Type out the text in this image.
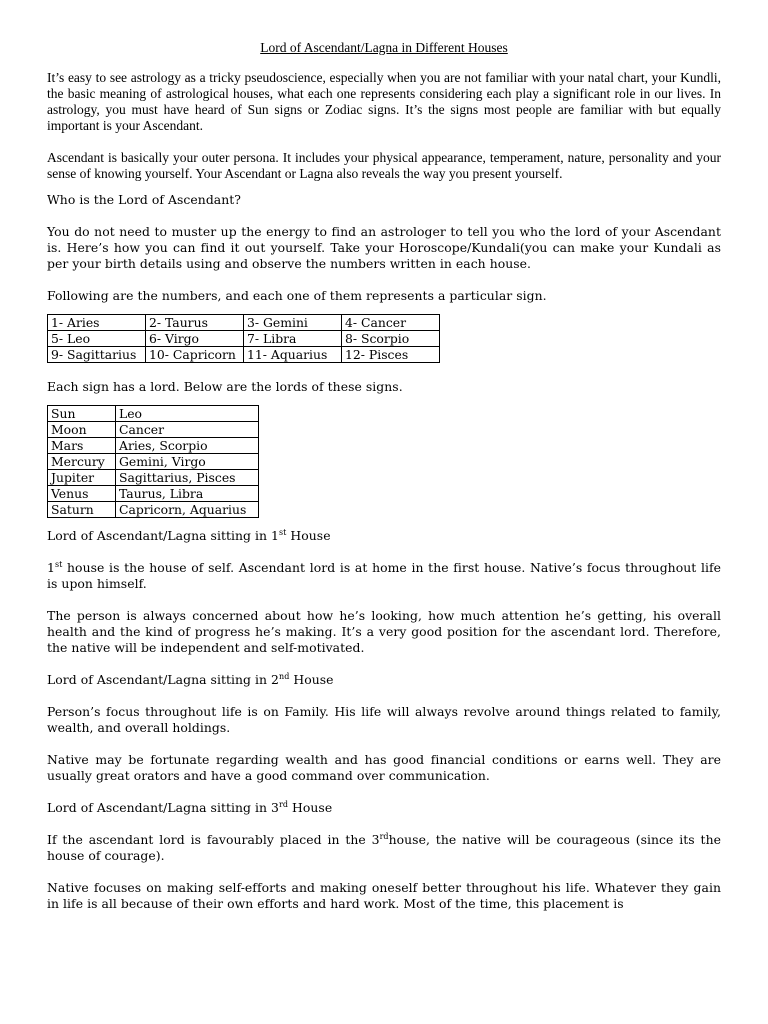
Lord of Ascendant/Lagna in Different Houses

It’s easy to see astrology as a tricky pseudoscience, especially when you are not familiar with your natal chart, your Kundli, the basic meaning of astrological houses, what each one represents considering each play a significant role in our lives. In astrology, you must have heard of Sun signs or Zodiac signs. It’s the signs most people are familiar with but equally important is your Ascendant.

Ascendant is basically your outer persona. It includes your physical appearance, temperament, nature, personality and your sense of knowing yourself. Your Ascendant or Lagna also reveals the way you present yourself.

Who is the Lord of Ascendant?

You do not need to muster up the energy to find an astrologer to tell you who the lord of your Ascendant is. Here’s how you can find it out yourself. Take your Horoscope/Kundali(you can make your Kundali as per your birth details using and observe the numbers written in each house.

Following are the numbers, and each one of them represents a particular sign.

1- Aries	2- Taurus	3- Gemini	4- Cancer
5- Leo	6- Virgo	7- Libra	8- Scorpio
9- Sagittarius	10- Capricorn	11- Aquarius	12- Pisces

Each sign has a lord. Below are the lords of these signs.

Sun	Leo
Moon	Cancer
Mars	Aries, Scorpio
Mercury	Gemini, Virgo
Jupiter	Sagittarius, Pisces
Venus	Taurus, Libra
Saturn	Capricorn, Aquarius

Lord of Ascendant/Lagna sitting in 1st House

1st house is the house of self. Ascendant lord is at home in the first house. Native’s focus throughout life is upon himself.

The person is always concerned about how he’s looking, how much attention he’s getting, his overall health and the kind of progress he’s making. It’s a very good position for the ascendant lord. Therefore, the native will be independent and self-motivated.

Lord of Ascendant/Lagna sitting in 2nd House

Person’s focus throughout life is on Family. His life will always revolve around things related to family, wealth, and overall holdings.

Native may be fortunate regarding wealth and has good financial conditions or earns well. They are usually great orators and have a good command over communication.

Lord of Ascendant/Lagna sitting in 3rd House

If the ascendant lord is favourably placed in the 3rdhouse, the native will be courageous (since its the house of courage).

Native focuses on making self-efforts and making oneself better throughout his life. Whatever they gain in life is all because of their own efforts and hard work. Most of the time, this placement is
